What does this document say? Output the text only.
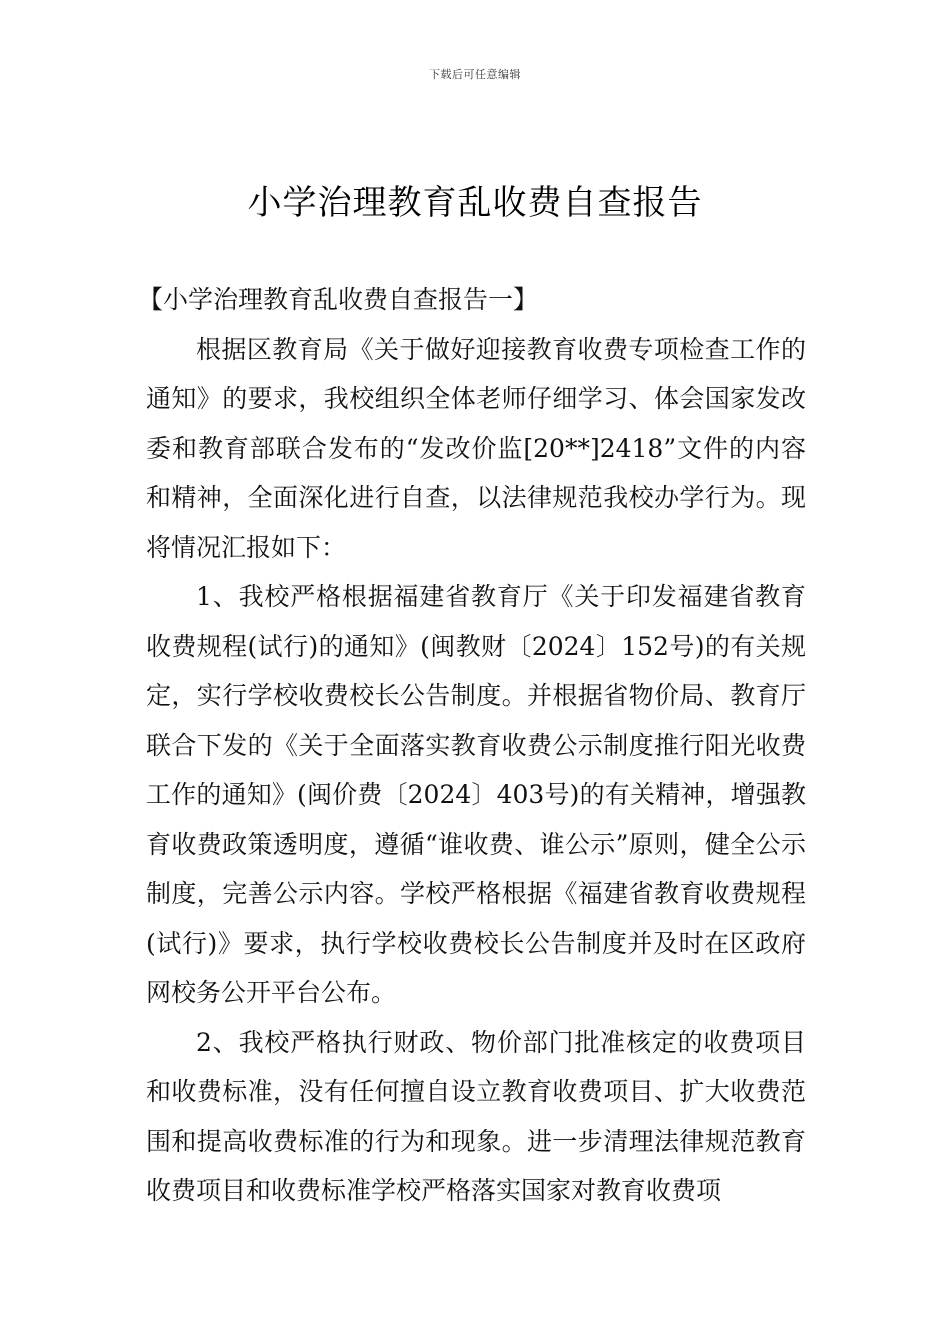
下载后可任意编辑
小学治理教育乱收费自查报告
【小学治理教育乱收费自查报告一】

根据区教育局《关于做好迎接教育收费专项检查工作的通知》的要求，我校组织全体老师仔细学习、体会国家发改委和教育部联合发布的“发改价监[20**]2418”文件的内容和精神，全面深化进行自查，以法律规范我校办学行为。现将情况汇报如下：

1、我校严格根据福建省教育厅《关于印发福建省教育收费规程(试行)的通知》(闽教财〔2024〕152号)的有关规定，实行学校收费校长公告制度。并根据省物价局、教育厅联合下发的《关于全面落实教育收费公示制度推行阳光收费工作的通知》(闽价费〔2024〕403号)的有关精神，增强教育收费政策透明度，遵循“谁收费、谁公示”原则，健全公示制度，完善公示内容。学校严格根据《福建省教育收费规程(试行)》要求，执行学校收费校长公告制度并及时在区政府网校务公开平台公布。

2、我校严格执行财政、物价部门批准核定的收费项目和收费标准，没有任何擅自设立教育收费项目、扩大收费范围和提高收费标准的行为和现象。进一步清理法律规范教育收费项目和收费标准学校严格落实国家对教育收费项
